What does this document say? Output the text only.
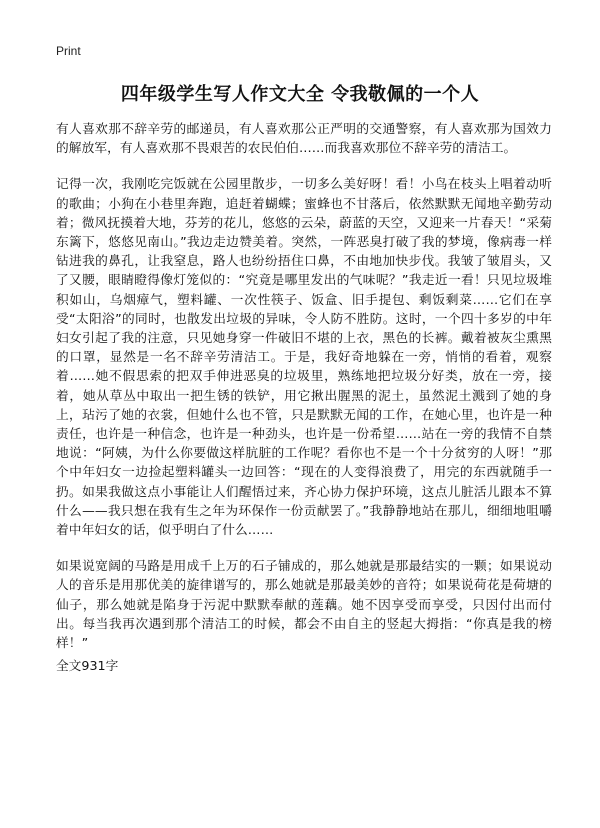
Print
四年级学生写人作文大全 令我敬佩的一个人

有人喜欢那不辞辛劳的邮递员，有人喜欢那公正严明的交通警察，有人喜欢那为国效力的解放军，有人喜欢那不畏艰苦的农民伯伯……而我喜欢那位不辞辛劳的清洁工。

记得一次，我刚吃完饭就在公园里散步，一切多么美好呀！看！小鸟在枝头上唱着动听的歌曲；小狗在小巷里奔跑，追赶着蝴蝶；蜜蜂也不甘落后，依然默默无闻地辛勤劳动着；微风抚摸着大地，芬芳的花儿，悠悠的云朵，蔚蓝的天空，又迎来一片春天！“采菊东篱下，悠悠见南山。”我边走边赞美着。突然，一阵恶臭打破了我的梦境，像病毒一样钻进我的鼻孔，让我窒息，路人也纷纷捂住口鼻，不由地加快步伐。我皱了皱眉头，又了又腰，眼睛瞪得像灯笼似的：“究竟是哪里发出的气味呢？”我走近一看！只见垃圾堆积如山，乌烟瘴气，塑料罐、一次性筷子、饭盒、旧手提包、剩饭剩菜……它们在享受“太阳浴”的同时，也散发出垃圾的异味，令人防不胜防。这时，一个四十多岁的中年妇女引起了我的注意，只见她身穿一件破旧不堪的上衣，黑色的长裤。戴着被灰尘熏黑的口罩，显然是一名不辞辛劳清洁工。于是，我好奇地躲在一旁，悄悄的看着，观察着……她不假思索的把双手伸进恶臭的垃圾里，熟练地把垃圾分好类，放在一旁，接着，她从草丛中取出一把生锈的铁铲，用它揪出腥黑的泥土，虽然泥土溅到了她的身上，玷污了她的衣裳，但她什么也不管，只是默默无闻的工作，在她心里，也许是一种责任，也许是一种信念，也许是一种劲头，也许是一份希望……站在一旁的我情不自禁地说：“阿姨，为什么你要做这样肮脏的工作呢？看你也不是一个十分贫穷的人呀！”那个中年妇女一边捡起塑料罐头一边回答：“现在的人变得浪费了，用完的东西就随手一扔。如果我做这点小事能让人们醒悟过来，齐心协力保护环境，这点儿脏活儿跟本不算什么——我只想在我有生之年为环保作一份贡献罢了。”我静静地站在那儿，细细地咀嚼着中年妇女的话，似乎明白了什么……

如果说宽阔的马路是用成千上万的石子铺成的，那么她就是那最结实的一颗；如果说动人的音乐是用那优美的旋律谱写的，那么她就是那最美妙的音符；如果说荷花是荷塘的仙子，那么她就是陷身于污泥中默默奉献的莲藕。她不因享受而享受，只因付出而付出。每当我再次遇到那个清洁工的时候，都会不由自主的竖起大拇指：“你真是我的榜样！”

全文931字
